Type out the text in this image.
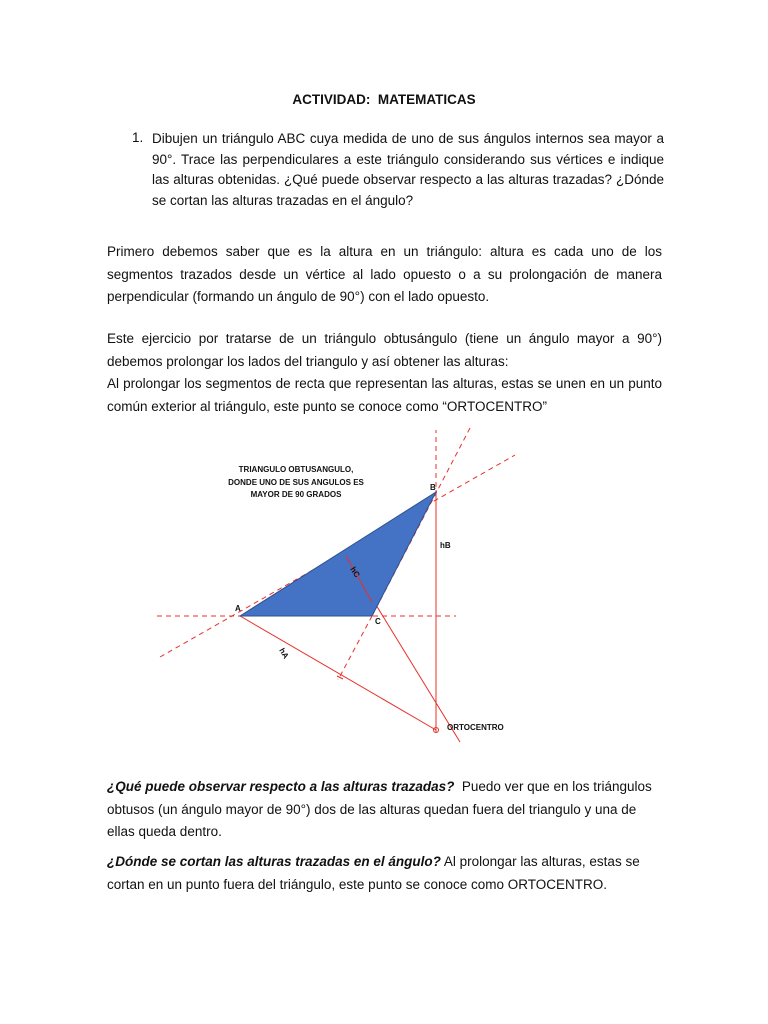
ACTIVIDAD:  MATEMATICAS
1. Dibujen un triángulo ABC cuya medida de uno de sus ángulos internos sea mayor a 90°. Trace las perpendiculares a este triángulo considerando sus vértices e indique las alturas obtenidas. ¿Qué puede observar respecto a las alturas trazadas? ¿Dónde se cortan las alturas trazadas en el ángulo?
Primero debemos saber que es la altura en un triángulo: altura es cada uno de los
segmentos trazados desde un vértice al lado opuesto o a su prolongación de manera
perpendicular (formando un ángulo de 90°) con el lado opuesto.
Este ejercicio por tratarse de un triángulo obtusángulo (tiene un ángulo mayor a 90°)
debemos prolongar los lados del triangulo y así obtener las alturas:
Al prolongar los segmentos de recta que representan las alturas, estas se unen en un punto
común exterior al triángulo, este punto se conoce como “ORTOCENTRO”
A
B
C
hB
ORTOCENTRO
hA
hC
TRIANGULO OBTUSANGULO, DONDE UNO DE SUS ANGULOS ES MAYOR DE 90 GRADOS
¿Qué puede observar respecto a las alturas trazadas?  Puedo ver que en los triángulos
obtusos (un ángulo mayor de 90°) dos de las alturas quedan fuera del triangulo y una de
ellas queda dentro.
¿Dónde se cortan las alturas trazadas en el ángulo? Al prolongar las alturas, estas se
cortan en un punto fuera del triángulo, este punto se conoce como ORTOCENTRO.
